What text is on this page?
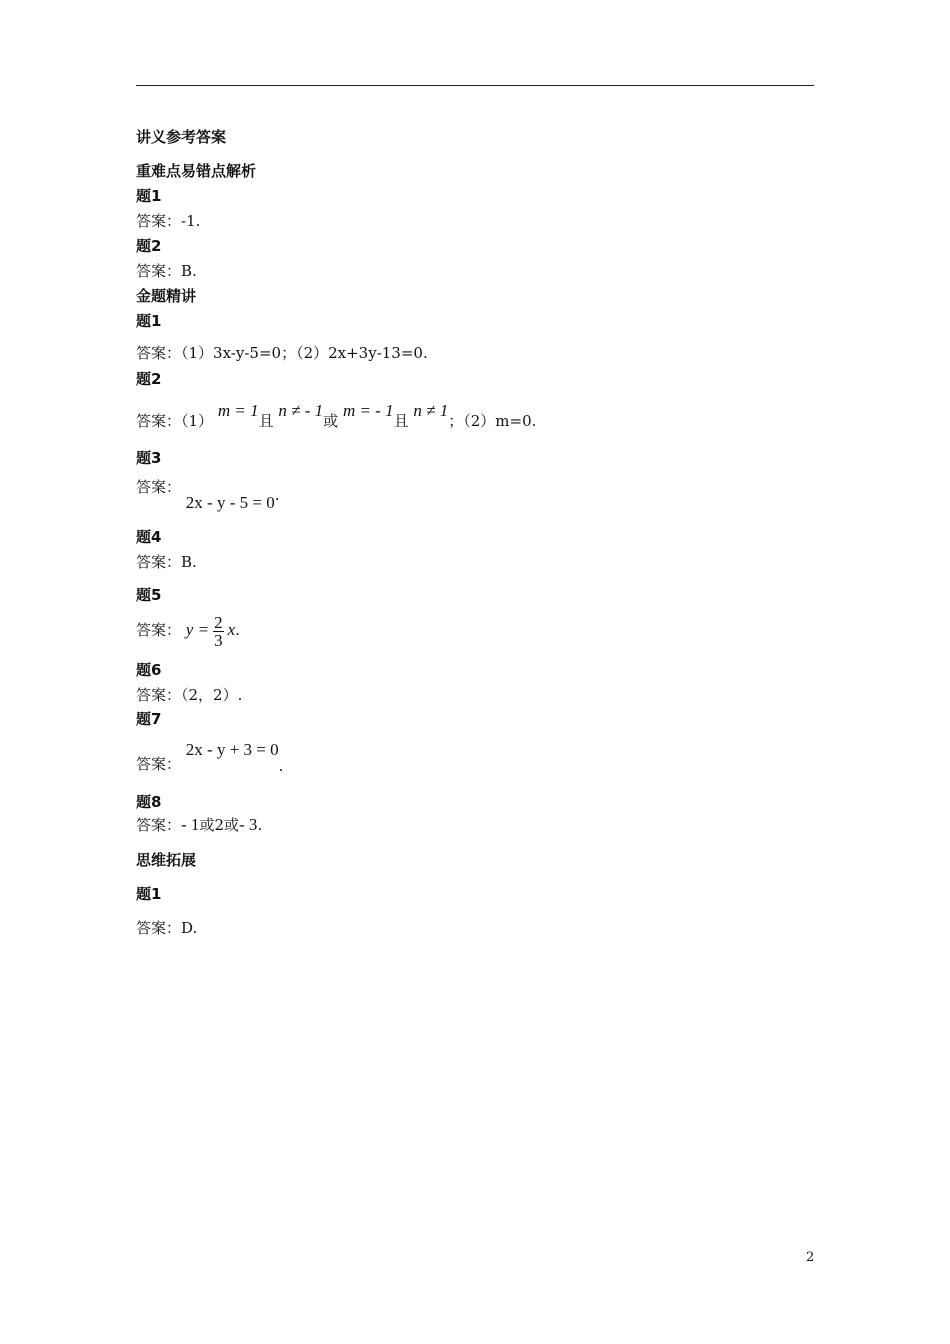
讲义参考答案
重难点易错点解析
题1
答案：-1.
题2
答案：B.
金题精讲
题1
答案：（1）3x-y-5=0；（2）2x+3y-13=0.
题2
答案：（1） m = 1且 n ≠ - 1或 m = - 1且 n ≠ 1；（2）m=0.
题3
答案： 2x - y - 5 = 0.
题4
答案：B.
题5
答案： $y = \frac{2}{3} x$.
题6
答案：（2，2）.
题7
答案： 2x - y + 3 = 0.
题8
答案：- 1或2或- 3.
思维拓展
题1
答案：D.
2
